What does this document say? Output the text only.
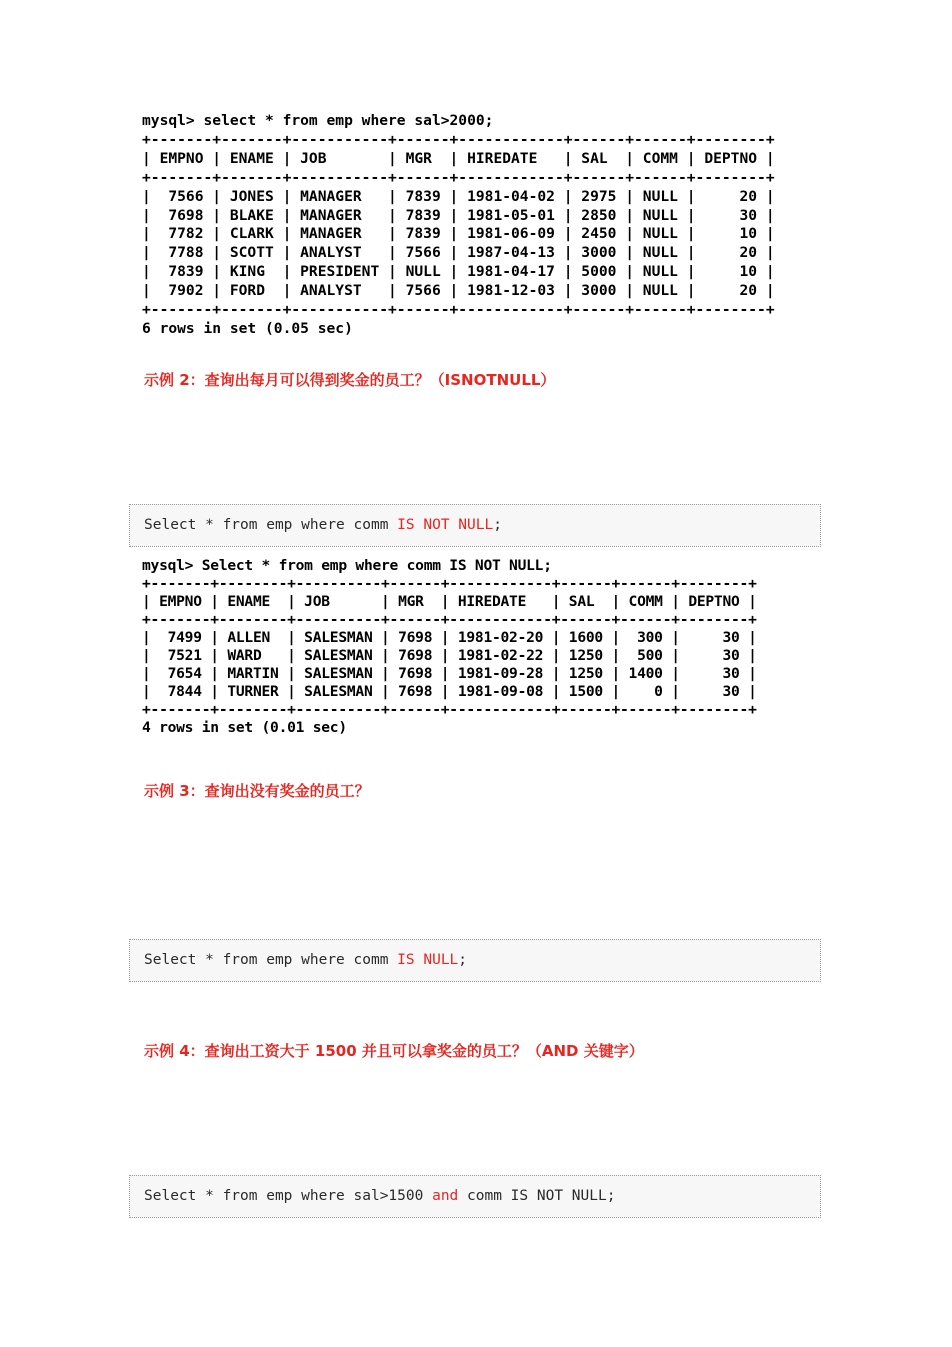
mysql> select * from emp where sal>2000;
+-------+-------+-----------+------+------------+------+------+--------+
| EMPNO | ENAME | JOB       | MGR  | HIREDATE   | SAL  | COMM | DEPTNO |
+-------+-------+-----------+------+------------+------+------+--------+
|  7566 | JONES | MANAGER   | 7839 | 1981-04-02 | 2975 | NULL |     20 |
|  7698 | BLAKE | MANAGER   | 7839 | 1981-05-01 | 2850 | NULL |     30 |
|  7782 | CLARK | MANAGER   | 7839 | 1981-06-09 | 2450 | NULL |     10 |
|  7788 | SCOTT | ANALYST   | 7566 | 1987-04-13 | 3000 | NULL |     20 |
|  7839 | KING  | PRESIDENT | NULL | 1981-04-17 | 5000 | NULL |     10 |
|  7902 | FORD  | ANALYST   | 7566 | 1981-12-03 | 3000 | NULL |     20 |
+-------+-------+-----------+------+------------+------+------+--------+
6 rows in set (0.05 sec)
示例 2：查询出每月可以得到奖金的员工？（ISNOTNULL）
Select * from emp where comm IS NOT NULL;
mysql> Select * from emp where comm IS NOT NULL;
+-------+--------+----------+------+------------+------+------+--------+
| EMPNO | ENAME  | JOB      | MGR  | HIREDATE   | SAL  | COMM | DEPTNO |
+-------+--------+----------+------+------------+------+------+--------+
|  7499 | ALLEN  | SALESMAN | 7698 | 1981-02-20 | 1600 |  300 |     30 |
|  7521 | WARD   | SALESMAN | 7698 | 1981-02-22 | 1250 |  500 |     30 |
|  7654 | MARTIN | SALESMAN | 7698 | 1981-09-28 | 1250 | 1400 |     30 |
|  7844 | TURNER | SALESMAN | 7698 | 1981-09-08 | 1500 |    0 |     30 |
+-------+--------+----------+------+------------+------+------+--------+
4 rows in set (0.01 sec)
示例 3：查询出没有奖金的员工？
Select * from emp where comm IS NULL;
示例 4：查询出工资大于 1500 并且可以拿奖金的员工？（AND 关键字）
Select * from emp where sal>1500 and comm IS NOT NULL;
